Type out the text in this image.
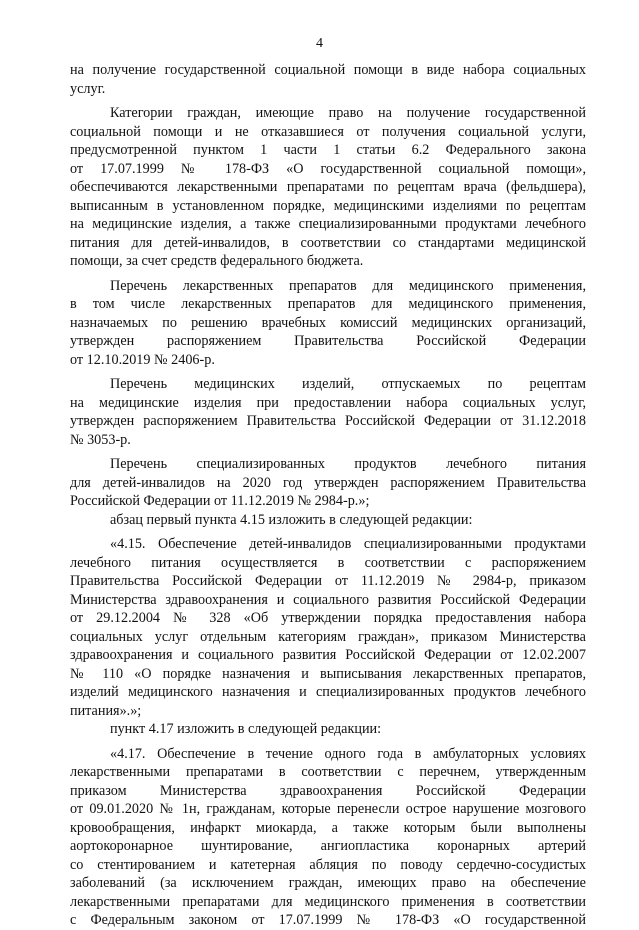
4
на получение государственной социальной помощи в виде набора социальных
услуг.
Категории граждан, имеющие право на получение государственной
социальной помощи и не отказавшиеся от получения социальной услуги,
предусмотренной пунктом 1 части 1 статьи 6.2 Федерального закона
от 17.07.1999 № 178-ФЗ «О государственной социальной помощи»,
обеспечиваются лекарственными препаратами по рецептам врача (фельдшера),
выписанным в установленном порядке, медицинскими изделиями по рецептам
на медицинские изделия, а также специализированными продуктами лечебного
питания для детей-инвалидов, в соответствии со стандартами медицинской
помощи, за счет средств федерального бюджета.
Перечень лекарственных препаратов для медицинского применения,
в том числе лекарственных препаратов для медицинского применения,
назначаемых по решению врачебных комиссий медицинских организаций,
утвержден распоряжением Правительства Российской Федерации
от 12.10.2019 № 2406-р.
Перечень медицинских изделий, отпускаемых по рецептам
на медицинские изделия при предоставлении набора социальных услуг,
утвержден распоряжением Правительства Российской Федерации от 31.12.2018
№ 3053-р.
Перечень специализированных продуктов лечебного питания
для детей-инвалидов на 2020 год утвержден распоряжением Правительства
Российской Федерации от 11.12.2019 № 2984-р.»;
абзац первый пункта 4.15 изложить в следующей редакции:
«4.15. Обеспечение детей-инвалидов специализированными продуктами
лечебного питания осуществляется в соответствии с распоряжением
Правительства Российской Федерации от 11.12.2019 № 2984-р, приказом
Министерства здравоохранения и социального развития Российской Федерации
от 29.12.2004 № 328 «Об утверждении порядка предоставления набора
социальных услуг отдельным категориям граждан», приказом Министерства
здравоохранения и социального развития Российской Федерации от 12.02.2007
№ 110 «О порядке назначения и выписывания лекарственных препаратов,
изделий медицинского назначения и специализированных продуктов лечебного
питания».»;
пункт 4.17 изложить в следующей редакции:
«4.17. Обеспечение в течение одного года в амбулаторных условиях
лекарственными препаратами в соответствии с перечнем, утвержденным
приказом Министерства здравоохранения Российской Федерации
от 09.01.2020 № 1н, гражданам, которые перенесли острое нарушение мозгового
кровообращения, инфаркт миокарда, а также которым были выполнены
аортокоронарное шунтирование, ангиопластика коронарных артерий
со стентированием и катетерная абляция по поводу сердечно-сосудистых
заболеваний (за исключением граждан, имеющих право на обеспечение
лекарственными препаратами для медицинского применения в соответствии
с Федеральным законом от 17.07.1999 № 178-ФЗ «О государственной
